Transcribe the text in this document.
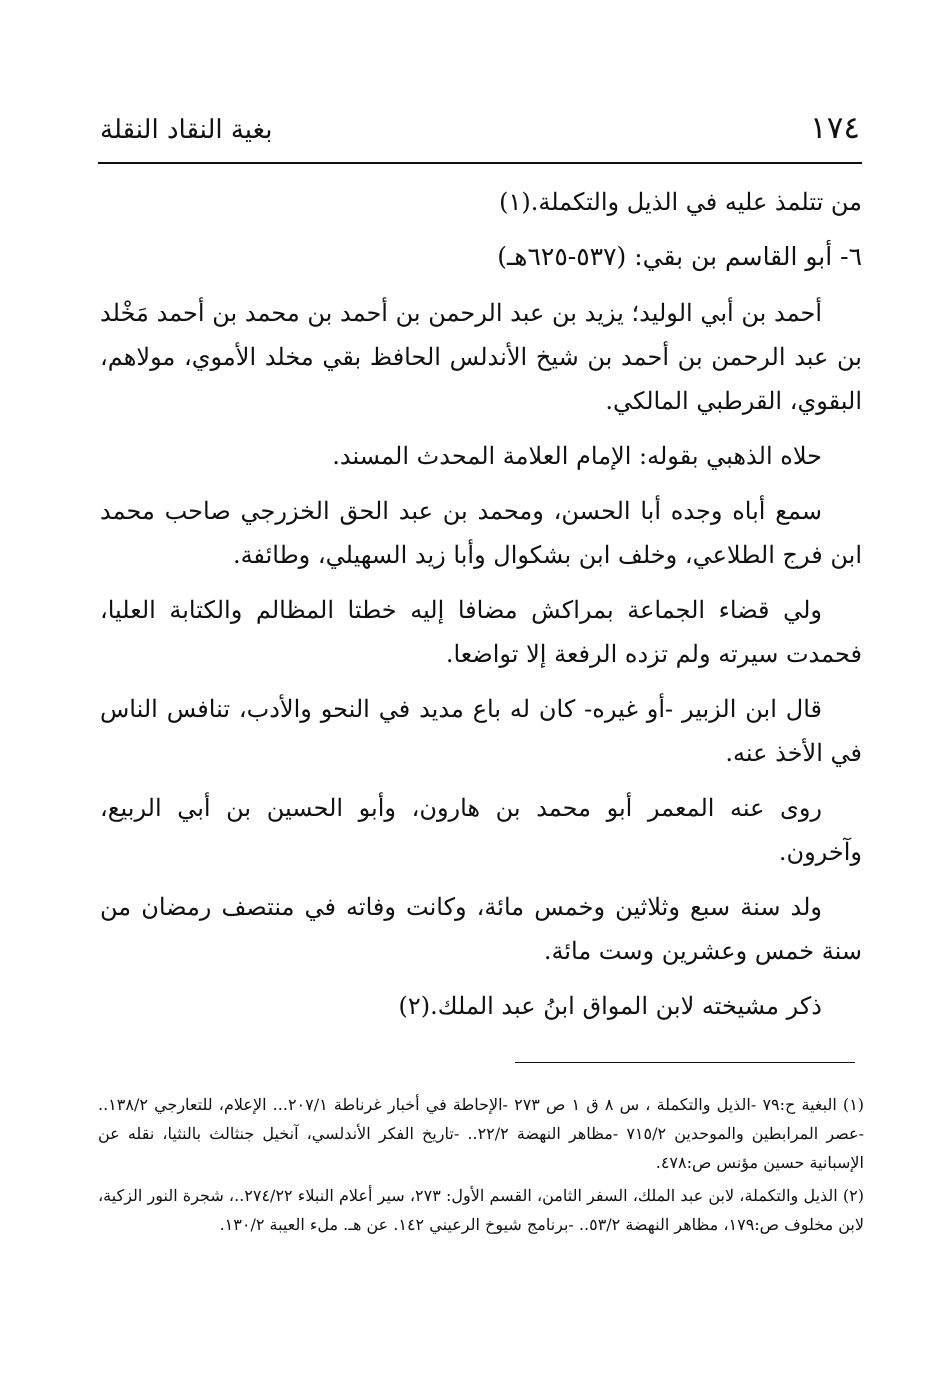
١٧٤
بغية النقاد النقلة

من تتلمذ عليه في الذيل والتكملة.(١)

٦- أبو القاسم بن بقي: (٥٣٧-٦٢٥هـ)

أحمد بن أبي الوليد؛ يزيد بن عبد الرحمن بن أحمد بن محمد بن أحمد مَخْلد بن عبد الرحمن بن أحمد بن شيخ الأندلس الحافظ بقي مخلد الأموي، مولاهم، البقوي، القرطبي المالكي.

حلاه الذهبي بقوله: الإمام العلامة المحدث المسند.

سمع أباه وجده أبا الحسن، ومحمد بن عبد الحق الخزرجي صاحب محمد ابن فرج الطلاعي، وخلف ابن بشكوال وأبا زيد السهيلي، وطائفة.

ولي قضاء الجماعة بمراكش مضافا إليه خطتا المظالم والكتابة العليا، فحمدت سيرته ولم تزده الرفعة إلا تواضعا.

قال ابن الزبير -أو غيره- كان له باع مديد في النحو والأدب، تنافس الناس في الأخذ عنه.

روى عنه المعمر أبو محمد بن هارون، وأبو الحسين بن أبي الربيع، وآخرون.

ولد سنة سبع وثلاثين وخمس مائة، وكانت وفاته في منتصف رمضان من سنة خمس وعشرين وست مائة.

ذكر مشيخته لابن المواق ابنُ عبد الملك.(٢)

(١) البغية ح:٧٩ -الذيل والتكملة ، س ٨ ق ١ ص ٢٧٣ -الإحاطة في أخبار غرناطة ٢٠٧/١... الإعلام، للتعارجي ١٣٨/٢.. -عصر المرابطين والموحدين ٧١٥/٢ -مظاهر النهضة ٢٢/٢.. -تاريخ الفكر الأندلسي، آنخيل جنثالث بالنثيا، نقله عن الإسبانية حسين مؤنس ص:٤٧٨.

(٢) الذيل والتكملة، لابن عبد الملك، السفر الثامن، القسم الأول: ٢٧٣، سير أعلام النبلاء ٢٧٤/٢٢..، شجرة النور الزكية، لابن مخلوف ص:١٧٩، مظاهر النهضة ٥٣/٢.. -برنامج شيوخ الرعيني ١٤٢. عن هـ. ملء العيبة ١٣٠/٢.
